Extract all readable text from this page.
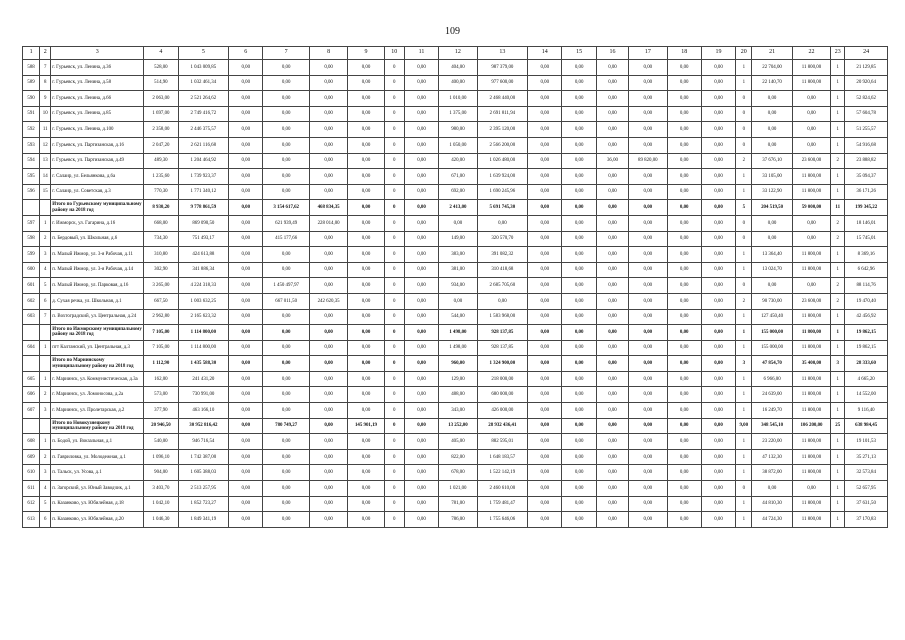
109
1	2	3	4	5	6	7	8	9	10	11	12	13	14	15	16	17	18	19	20	21	22	23	24
588	7	г. Гурьевск, ул. Ленина, д.36	528,00	1 043 009,85	0,00	0,00	0,00	0,00	0	0,00	404,00	987 379,00	0,00	0,00	0,00	0,00	0,00	0,00	1	22 704,00	11 800,00	1	21 129,85
589	8	г. Гурьевск, ул. Ленина, д.58	514,90	1 032 461,34	0,00	0,00	0,00	0,00	0	0,00	400,00	977 600,00	0,00	0,00	0,00	0,00	0,00	0,00	1	22 140,70	11 800,00	1	20 920,64
590	9	г. Гурьевск, ул. Ленина, д.66	2 063,00	2 521 264,62	0,00	0,00	0,00	0,00	0	0,00	1 010,00	2 468 440,00	0,00	0,00	0,00	0,00	0,00	0,00	0	0,00	0,00	1	52 824,62
591	10	г. Гурьевск, ул. Ленина, д.85	1 697,00	2 749 416,72	0,00	0,00	0,00	0,00	0	0,00	1 375,00	2 691 811,94	0,00	0,00	0,00	0,00	0,00	0,00	0	0,00	0,00	1	57 604,78
592	11	г. Гурьевск, ул. Ленина, д.100	2 358,00	2 446 375,57	0,00	0,00	0,00	0,00	0	0,00	980,00	2 395 120,00	0,00	0,00	0,00	0,00	0,00	0,00	0	0,00	0,00	1	51 255,57
593	12	г. Гурьевск, ул. Партизанская, д.16	2 047,20	2 621 116,68	0,00	0,00	0,00	0,00	0	0,00	1 050,00	2 566 200,00	0,00	0,00	0,00	0,00	0,00	0,00	0	0,00	0,00	1	54 916,68
594	13	г. Гурьевск, ул. Партизанская, д.49	489,30	1 204 464,92	0,00	0,00	0,00	0,00	0	0,00	420,00	1 026 480,00	0,00	0,00	36,00	89 820,00	0,00	0,00	2	37 676,10	23 600,00	2	23 888,82
595	14	г. Салаир, ул. Бельянкова, д.6а	1 235,60	1 739 923,37	0,00	0,00	0,00	0,00	0	0,00	671,00	1 639 924,00	0,00	0,00	0,00	0,00	0,00	0,00	1	33 105,00	11 800,00	1	35 094,37
596	15	г. Салаир, ул. Советская, д.3	770,30	1 771 340,12	0,00	0,00	0,00	0,00	0	0,00	692,00	1 690 245,96	0,00	0,00	0,00	0,00	0,00	0,00	1	33 122,90	11 800,00	1	36 171,26
		Итого по Гурьевскому муниципальному району на 2018 год	8 930,20	9 778 861,59	0,00	3 154 617,62	468 834,35	0,00	0	0,00	2 413,00	5 691 745,30	0,00	0,00	0,00	0,00	0,00	0,00	5	204 519,50	59 000,00	11	199 345,22
597	1	г. Ижморск, ул. Гагарина, д.16	668,00	869 090,50	0,00	621 939,49	228 014,00	0,00	0	0,00	0,00	0,00	0,00	0,00	0,00	0,00	0,00	0,00	0	0,00	0,00	2	18 146,01
598	2	п. Бердовый, ул. Школьная, д.6	734,30	751 493,17	0,00	415 177,66	0,00	0,00	0	0,00	149,00	320 570,70	0,00	0,00	0,00	0,00	0,00	0,00	0	0,00	0,00	2	15 745,01
599	3	п. Малый Ижмор, ул. 3-я Рабочая, д.11	310,80	424 613,88	0,00	0,00	0,00	0,00	0	0,00	383,00	391 082,32	0,00	0,00	0,00	0,00	0,00	0,00	1	13 364,40	11 800,00	1	8 369,16
600	4	п. Малый Ижмор, ул. 3-я Рабочая, д.14	302,90	341 886,34	0,00	0,00	0,00	0,00	0	0,00	381,00	310 418,68	0,00	0,00	0,00	0,00	0,00	0,00	1	13 024,70	11 800,00	1	6 642,96
601	5	п. Малый Ижмор, ул. Парковая, д.16	3 265,00	4 224 318,33	0,00	1 450 497,97	0,00	0,00	0	0,00	934,00	2 685 705,60	0,00	0,00	0,00	0,00	0,00	0,00	0	0,00	0,00	2	88 114,76
602	6	д. Сухая речка, ул. Школьная, д.1	667,50	1 003 632,25	0,00	667 011,50	242 620,35	0,00	0	0,00	0,00	0,00	0,00	0,00	0,00	0,00	0,00	0,00	2	90 730,00	23 600,00	2	19 470,40
603	7	п. Вохтоградский, ул. Центральная, д.24	2 962,80	2 165 623,32	0,00	0,00	0,00	0,00	0	0,00	544,00	1 583 968,00	0,00	0,00	0,00	0,00	0,00	0,00	1	127 450,40	11 800,00	1	42 456,92
		Итого по Ижморскому муниципальному району на 2018 год	7 105,00	1 114 800,00	0,00	0,00	0,00	0,00	0	0,00	1 498,00	928 137,85	0,00	0,00	0,00	0,00	0,00	0,00	1	155 000,00	11 800,00	1	19 862,15
604	1	пгт Калтанский, ул. Центральная, д.3	7 105,00	1 114 800,00	0,00	0,00	0,00	0,00	0	0,00	1 498,00	928 137,85	0,00	0,00	0,00	0,00	0,00	0,00	1	155 000,00	11 800,00	1	19 862,15
		Итого по Мариинскому муниципальному району на 2018 год	1 112,90	1 435 588,30	0,00	0,00	0,00	0,00	0	0,00	960,00	1 324 900,00	0,00	0,00	0,00	0,00	0,00	0,00	3	47 854,70	35 400,00	3	28 333,60
605	1	г. Мариинск, ул. Коммунистическая, д.3а	162,00	241 431,20	0,00	0,00	0,00	0,00	0	0,00	129,00	218 000,00	0,00	0,00	0,00	0,00	0,00	0,00	1	6 966,00	11 800,00	1	4 665,20
606	2	г. Мариинск, ул. Ломоносова, д.2а	573,00	730 991,00	0,00	0,00	0,00	0,00	0	0,00	488,00	680 000,00	0,00	0,00	0,00	0,00	0,00	0,00	1	24 639,00	11 800,00	1	14 552,00
607	3	г. Мариинск, ул. Пролетарская, д.2	377,90	463 166,10	0,00	0,00	0,00	0,00	0	0,00	343,00	426 000,00	0,00	0,00	0,00	0,00	0,00	0,00	1	16 249,70	11 800,00	1	9 116,40
		Итого по Новокузнецкому муниципальному району на 2018 год	20 946,50	30 952 816,42	0,00	780 749,27	0,00	145 901,19	0	0,00	13 252,00	28 932 436,41	0,00	0,00	0,00	0,00	0,00	0,00	9,00	348 545,10	106 200,00	25	638 984,45
608	1	п. Бодой, ул. Вокзальная, д.1	540,00	946 716,54	0,00	0,00	0,00	0,00	0	0,00	405,00	882 595,01	0,00	0,00	0,00	0,00	0,00	0,00	1	23 220,00	11 800,00	1	19 101,53
609	2	п. Гавриловка, ул. Молодежная, д.1	1 096,10	1 742 387,00	0,00	0,00	0,00	0,00	0	0,00	822,00	1 648 183,57	0,00	0,00	0,00	0,00	0,00	0,00	1	47 132,30	11 800,00	1	35 271,13
610	3	п. Тальск, ул. Усова, д.1	904,00	1 605 388,03	0,00	0,00	0,00	0,00	0	0,00	678,00	1 522 142,19	0,00	0,00	0,00	0,00	0,00	0,00	1	38 872,00	11 800,00	1	32 573,84
611	4	п. Загорский, ул. Юный Заводчик, д.1	3 403,70	2 513 257,95	0,00	0,00	0,00	0,00	0	0,00	1 021,00	2 460 610,00	0,00	0,00	0,00	0,00	0,00	0,00	0	0,00	0,00	1	52 657,95
612	5	п. Казанково, ул. Юбилейная, д.18	1 042,10	1 852 723,27	0,00	0,00	0,00	0,00	0	0,00	781,00	1 759 481,47	0,00	0,00	0,00	0,00	0,00	0,00	1	44 810,30	11 800,00	1	37 631,50
613	6	п. Казанково, ул. Юбилейная, д.20	1 046,30	1 849 341,19	0,00	0,00	0,00	0,00	0	0,00	786,00	1 755 646,06	0,00	0,00	0,00	0,00	0,00	0,00	1	44 724,30	11 800,00	1	37 170,83
